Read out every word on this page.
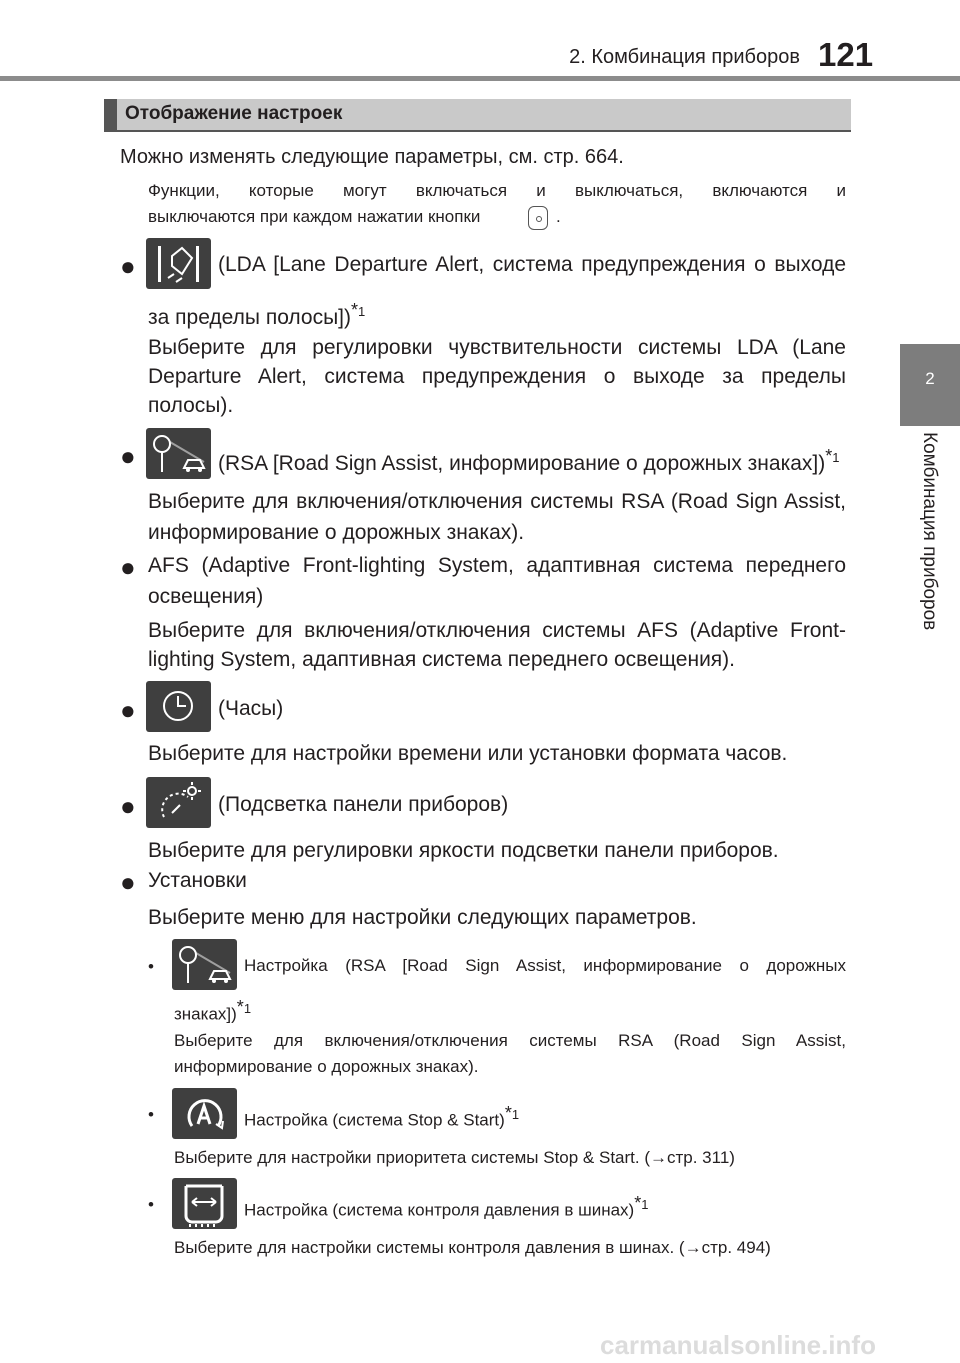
2. Комбинация приборов 121
2
Комбинация приборов
Отображение настроек
Можно изменять следующие параметры, см. стр. 664.
Функции, которые могут включаться и выключаться, включаются и
выключаются при каждом нажатии кнопки	.
●	(LDA [Lane Departure Alert, система предупреждения о выходе
за пределы полосы])$^{*1}$
Выберите для регулировки чувствительности системы LDA (Lane
Departure Alert, система предупреждения о выходе за пределы
полосы).
●	(RSA [Road Sign Assist, информирование о дорожных знаках])$^{*1}$
Выберите для включения/отключения системы RSA (Road Sign Assist,
информирование о дорожных знаках).
● AFS (Adaptive Front-lighting System, адаптивная система переднего
освещения)
Выберите для включения/отключения системы AFS (Adaptive Front-
lighting System, адаптивная система переднего освещения).
●	(Часы)
Выберите для настройки времени или установки формата часов.
●	(Подсветка панели приборов)
Выберите для регулировки яркости подсветки панели приборов.
● Установки
Выберите меню для настройки следующих параметров.
•	Настройка (RSA [Road Sign Assist, информирование о дорожных
знаках])$^{*1}$
Выберите для включения/отключения системы RSA (Road Sign Assist,
информирование о дорожных знаках).
•	Настройка (система Stop & Start)$^{*1}$
Выберите для настройки приоритета системы Stop & Start. (→стр. 311)
•	Настройка (система контроля давления в шинах)$^{*1}$
Выберите для настройки системы контроля давления в шинах. (→стр. 494)
carmanualsonline.info
